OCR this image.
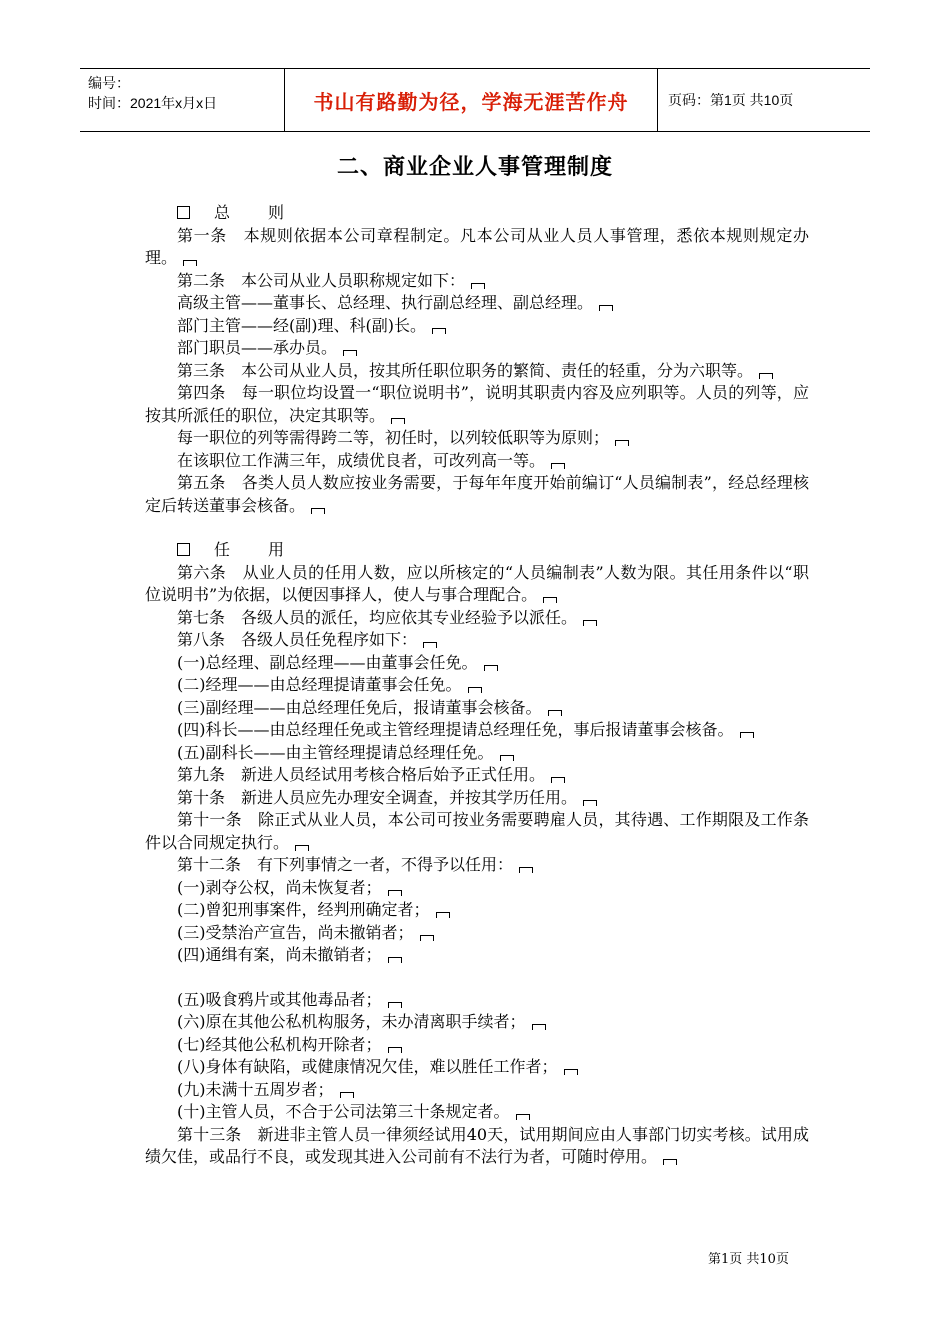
编号：
时间：2021年x月x日	书山有路勤为径，学海无涯苦作舟	页码：第1页 共10页
二、商业企业人事管理制度

总 则

第一条　本规则依据本公司章程制定。凡本公司从业人员人事管理，悉依本规则规定办理。

第二条　本公司从业人员职称规定如下：

高级主管——董事长、总经理、执行副总经理、副总经理。

部门主管——经(副)理、科(副)长。

部门职员——承办员。

第三条　本公司从业人员，按其所任职位职务的繁简、责任的轻重，分为六职等。

第四条　每一职位均设置一“职位说明书”，说明其职责内容及应列职等。人员的列等，应按其所派任的职位，决定其职等。

每一职位的列等需得跨二等，初任时，以列较低职等为原则；

在该职位工作满三年，成绩优良者，可改列高一等。

第五条　各类人员人数应按业务需要，于每年年度开始前编订“人员编制表”，经总经理核定后转送董事会核备。

任 用

第六条　从业人员的任用人数，应以所核定的“人员编制表”人数为限。其任用条件以“职位说明书”为依据，以便因事择人，使人与事合理配合。

第七条　各级人员的派任，均应依其专业经验予以派任。

第八条　各级人员任免程序如下：

(一)总经理、副总经理——由董事会任免。

(二)经理——由总经理提请董事会任免。

(三)副经理——由总经理任免后，报请董事会核备。

(四)科长——由总经理任免或主管经理提请总经理任免，事后报请董事会核备。

(五)副科长——由主管经理提请总经理任免。

第九条　新进人员经试用考核合格后始予正式任用。

第十条　新进人员应先办理安全调查，并按其学历任用。

第十一条　除正式从业人员，本公司可按业务需要聘雇人员，其待遇、工作期限及工作条件以合同规定执行。

第十二条　有下列事情之一者，不得予以任用：

(一)剥夺公权，尚未恢复者；

(二)曾犯刑事案件，经判刑确定者；

(三)受禁治产宣告，尚未撤销者；

(四)通缉有案，尚未撤销者；

(五)吸食鸦片或其他毒品者；

(六)原在其他公私机构服务，未办清离职手续者；

(七)经其他公私机构开除者；

(八)身体有缺陷，或健康情况欠佳，难以胜任工作者；

(九)未满十五周岁者；

(十)主管人员，不合于公司法第三十条规定者。

第十三条　新进非主管人员一律须经试用40天，试用期间应由人事部门切实考核。试用成绩欠佳，或品行不良，或发现其进入公司前有不法行为者，可随时停用。

第1页 共10页
